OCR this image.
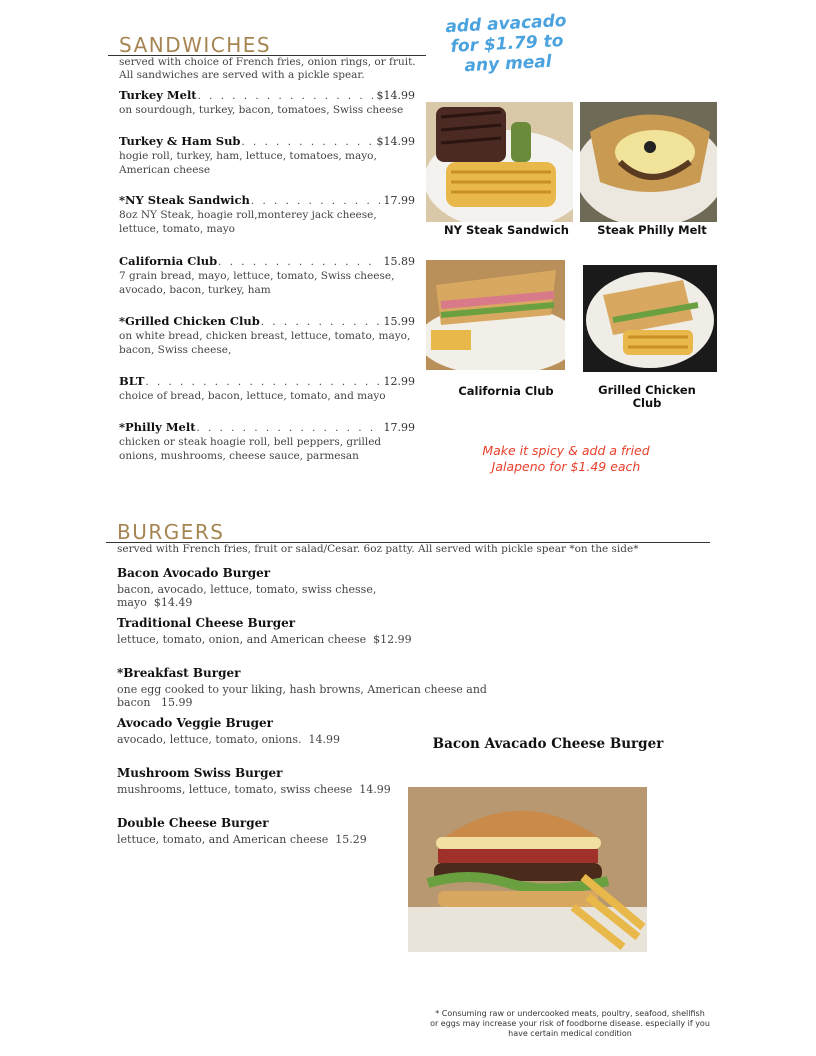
SANDWICHES
served with choice of French fries, onion rings, or fruit. All sandwiches are served with a pickle spear.
Turkey Melt . . .	$14.99
on sourdough, turkey, bacon, tomatoes, Swiss cheese
Turkey & Ham Sub . . .	$14.99
hogie roll, turkey, ham, lettuce, tomatoes, mayo, American cheese
*NY Steak Sandwich . . .	17.99
8oz NY Steak, hoagie roll,monterey jack cheese, lettuce, tomato, mayo
California Club . . .	15.89
7 grain bread, mayo, lettuce, tomato, Swiss cheese, avocado, bacon, turkey, ham
*Grilled Chicken Club . . .	15.99
on white bread, chicken breast, lettuce, tomato, mayo, bacon, Swiss cheese,
BLT . . .	12.99
choice of bread, bacon, lettuce, tomato, and mayo
*Philly Melt . . .	17.99
chicken or steak hoagie roll, bell peppers, grilled onions, mushrooms, cheese sauce, parmesan
add avacado for $1.79 to any meal
NY Steak Sandwich	Steak Philly Melt
California Club	Grilled Chicken Club
Make it spicy & add a fried Jalapeno for $1.49 each
BURGERS
served with French fries, fruit or salad/Cesar. 6oz patty. All served with pickle spear *on the side*
Bacon Avocado Burger
bacon, avocado, lettuce, tomato, swiss chesse, mayo $14.49
Traditional Cheese Burger
lettuce, tomato, onion, and American cheese $12.99
*Breakfast Burger
one egg cooked to your liking, hash browns, American cheese and bacon 15.99
Avocado Veggie Bruger
avocado, lettuce, tomato, onions. 14.99
Mushroom Swiss Burger
mushrooms, lettuce, tomato, swiss cheese 14.99
Double Cheese Burger
lettuce, tomato, and American cheese 15.29
Bacon Avacado Cheese Burger
* Consuming raw or undercooked meats, poultry, seafood, shellfish or eggs may increase your risk of foodborne disease. especially if you have certain medical condition
